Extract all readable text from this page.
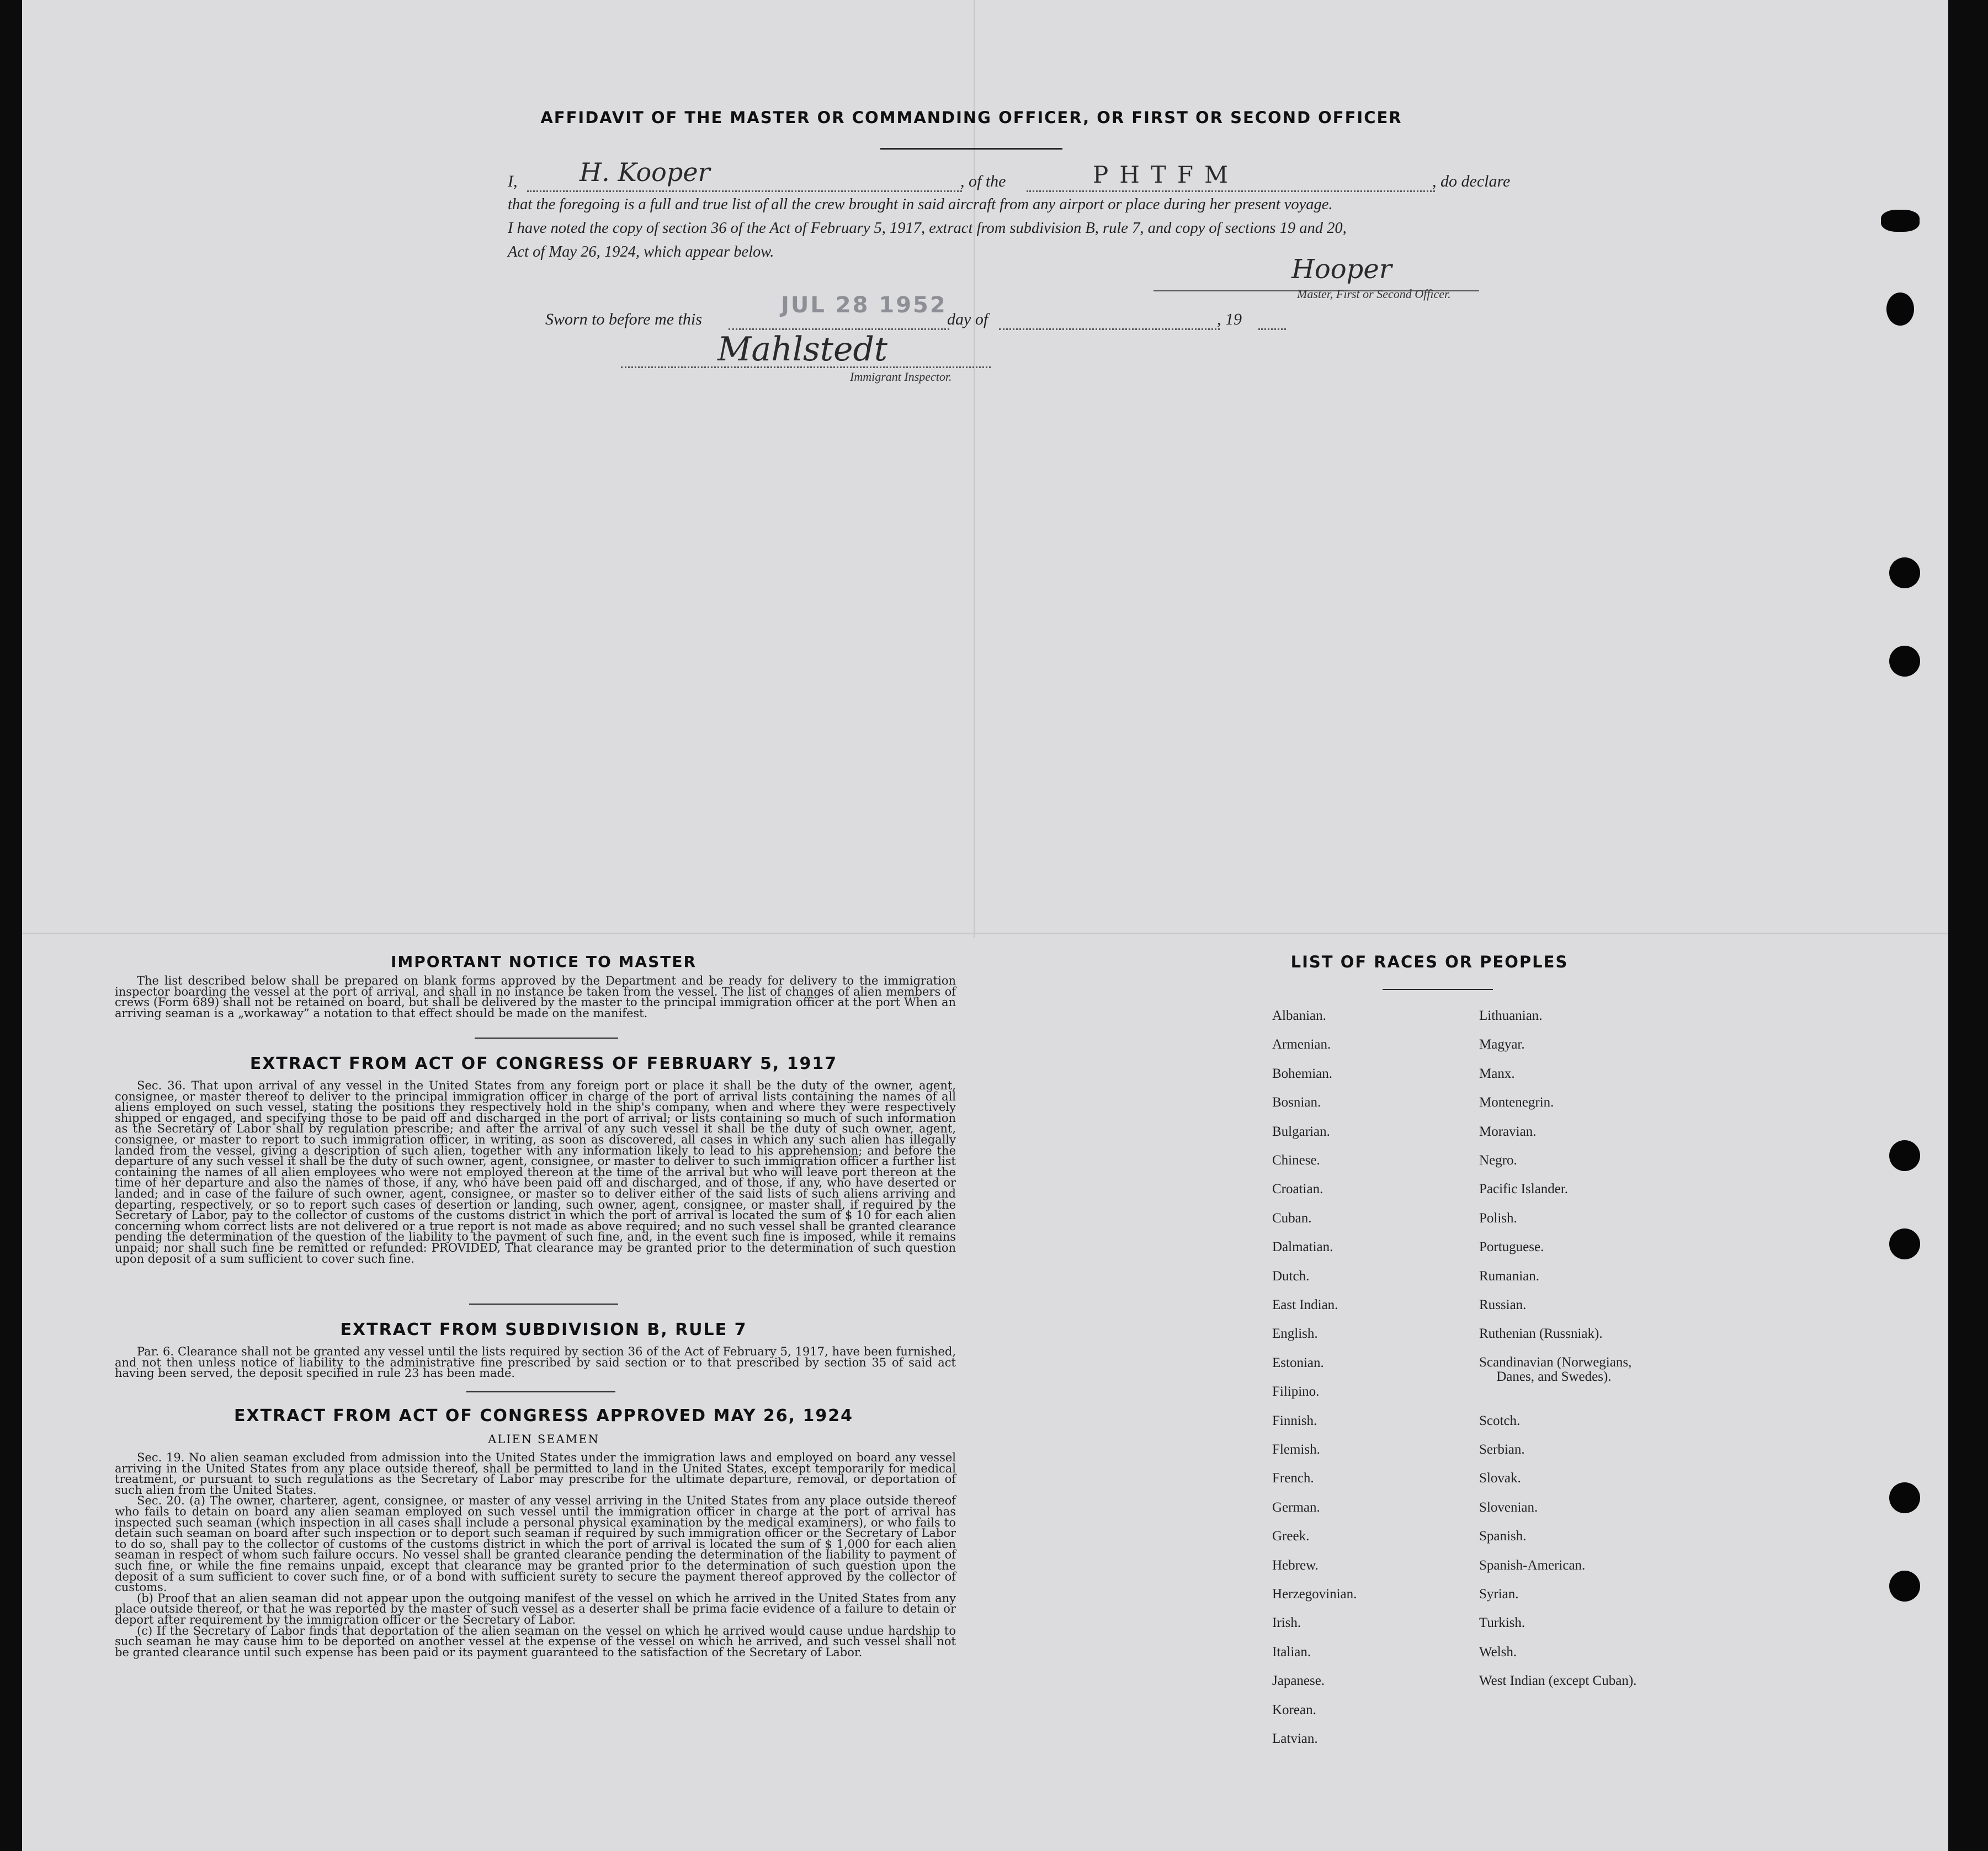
AFFIDAVIT OF THE MASTER OR COMMANDING OFFICER, OR FIRST OR SECOND OFFICER
I, H. Kooper	, of the	PHTFM	, do declare
that the foregoing is a full and true list of all the crew brought in said aircraft from any airport or place during her present voyage.
I have noted the copy of section 36 of the Act of February 5, 1917, extract from subdivision B, rule 7, and copy of sections 19 and 20,
Act of May 26, 1924, which appear below.
Hooper
Master, First or Second Officer.
Sworn to before me this
JUL 28 1952
day of	, 19
Mahlstedt
Immigrant Inspector.
IMPORTANT NOTICE TO MASTER

The list described below shall be prepared on blank forms approved by the Department and be ready for delivery to the immigration inspector boarding the vessel at the port of arrival, and shall in no instance be taken from the vessel. The list of changes of alien members of crews (Form 689) shall not be retained on board, but shall be delivered by the master to the principal immigration officer at the port When an arriving seaman is a „workaway” a notation to that effect should be made on the manifest.

EXTRACT FROM ACT OF CONGRESS OF FEBRUARY 5, 1917

Sec. 36. That upon arrival of any vessel in the United States from any foreign port or place it shall be the duty of the owner, agent, consignee, or master thereof to deliver to the principal immigration officer in charge of the port of arrival lists containing the names of all aliens employed on such vessel, stating the positions they respectively hold in the ship's company, when and where they were respectively shipped or engaged, and specifying those to be paid off and discharged in the port of arrival; or lists containing so much of such information as the Secretary of Labor shall by regulation prescribe; and after the arrival of any such vessel it shall be the duty of such owner, agent, consignee, or master to report to such immigration officer, in writing, as soon as discovered, all cases in which any such alien has illegally landed from the vessel, giving a description of such alien, together with any information likely to lead to his apprehension; and before the departure of any such vessel it shall be the duty of such owner, agent, consignee, or master to deliver to such immigration officer a further list containing the names of all alien employees who were not employed thereon at the time of the arrival but who will leave port thereon at the time of her departure and also the names of those, if any, who have been paid off and discharged, and of those, if any, who have deserted or landed; and in case of the failure of such owner, agent, consignee, or master so to deliver either of the said lists of such aliens arriving and departing, respectively, or so to report such cases of desertion or landing, such owner, agent, consignee, or master shall, if required by the Secretary of Labor, pay to the collector of customs of the customs district in which the port of arrival is located the sum of $ 10 for each alien concerning whom correct lists are not delivered or a true report is not made as above required; and no such vessel shall be granted clearance pending the determination of the question of the liability to the payment of such fine, and, in the event such fine is imposed, while it remains unpaid; nor shall such fine be remitted or refunded: PROVIDED, That clearance may be granted prior to the determination of such question upon deposit of a sum sufficient to cover such fine.

EXTRACT FROM SUBDIVISION B, RULE 7

Par. 6. Clearance shall not be granted any vessel until the lists required by section 36 of the Act of February 5, 1917, have been furnished, and not then unless notice of liability to the administrative fine prescribed by said section or to that prescribed by section 35 of said act having been served, the deposit specified in rule 23 has been made.

EXTRACT FROM ACT OF CONGRESS APPROVED MAY 26, 1924
ALIEN SEAMEN

Sec. 19. No alien seaman excluded from admission into the United States under the immigration laws and employed on board any vessel arriving in the United States from any place outside thereof, shall be permitted to land in the United States, except temporarily for medical treatment, or pursuant to such regulations as the Secretary of Labor may prescribe for the ultimate departure, removal, or deportation of such alien from the United States.

Sec. 20. (a) The owner, charterer, agent, consignee, or master of any vessel arriving in the United States from any place outside thereof who fails to detain on board any alien seaman employed on such vessel until the immigration officer in charge at the port of arrival has inspected such seaman (which inspection in all cases shall include a personal physical examination by the medical examiners), or who fails to detain such seaman on board after such inspection or to deport such seaman if required by such immigration officer or the Secretary of Labor to do so, shall pay to the collector of customs of the customs district in which the port of arrival is located the sum of $ 1,000 for each alien seaman in respect of whom such failure occurs. No vessel shall be granted clearance pending the determination of the liability to payment of such fine, or while the fine remains unpaid, except that clearance may be granted prior to the determination of such question upon the deposit of a sum sufficient to cover such fine, or of a bond with sufficient surety to secure the payment thereof approved by the collector of customs.

(b) Proof that an alien seaman did not appear upon the outgoing manifest of the vessel on which he arrived in the United States from any place outside thereof, or that he was reported by the master of such vessel as a deserter shall be prima facie evidence of a failure to detain or deport after requirement by the immigration officer or the Secretary of Labor.

(c) If the Secretary of Labor finds that deportation of the alien seaman on the vessel on which he arrived would cause undue hardship to such seaman he may cause him to be deported on another vessel at the expense of the vessel on which he arrived, and such vessel shall not be granted clearance until such expense has been paid or its payment guaranteed to the satisfaction of the Secretary of Labor.

LIST OF RACES OR PEOPLES
Albanian.
Armenian.
Bohemian.
Bosnian.
Bulgarian.
Chinese.
Croatian.
Cuban.
Dalmatian.
Dutch.
East Indian.
English.
Estonian.
Filipino.
Finnish.
Flemish.
French.
German.
Greek.
Hebrew.
Herzegovinian.
Irish.
Italian.
Japanese.
Korean.
Latvian.
Lithuanian.
Magyar.
Manx.
Montenegrin.
Moravian.
Negro.
Pacific Islander.
Polish.
Portuguese.
Rumanian.
Russian.
Ruthenian (Russniak).
Scandinavian (Norwegians,
Danes, and Swedes).
Scotch.
Serbian.
Slovak.
Slovenian.
Spanish.
Spanish-American.
Syrian.
Turkish.
Welsh.
West Indian (except Cuban).
